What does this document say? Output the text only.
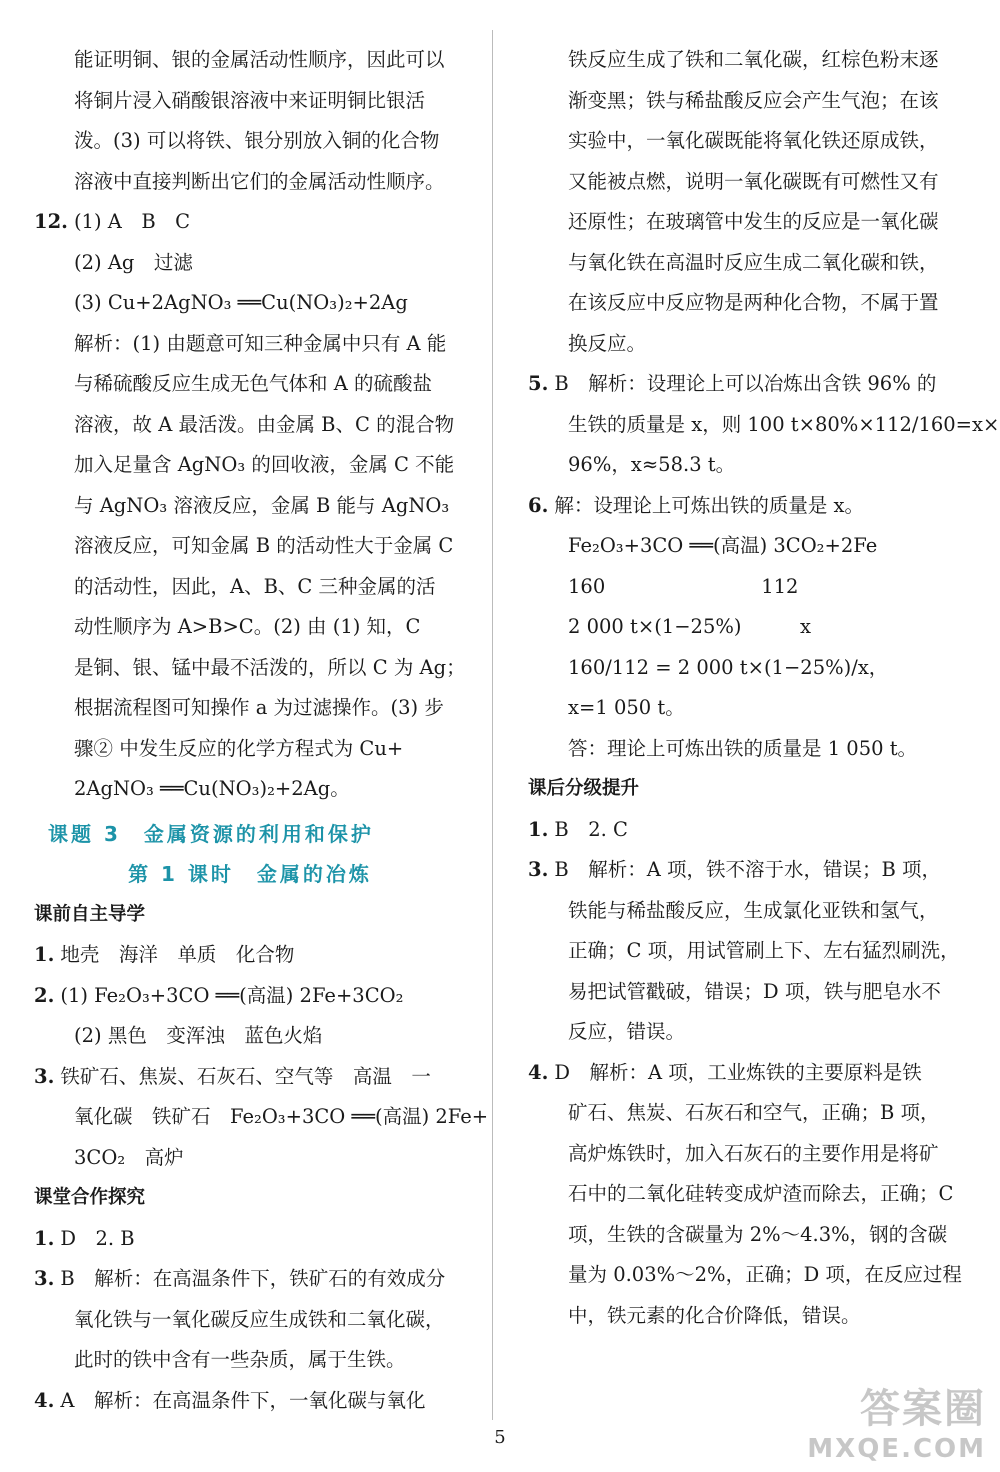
能证明铜、银的金属活动性顺序，因此可以
将铜片浸入硝酸银溶液中来证明铜比银活
泼。(3) 可以将铁、银分别放入铜的化合物
溶液中直接判断出它们的金属活动性顺序。
12. (1) A　B　C
(2) Ag　过滤
(3) Cu+2AgNO₃ ══Cu(NO₃)₂+2Ag
解析：(1) 由题意可知三种金属中只有 A 能
与稀硫酸反应生成无色气体和 A 的硫酸盐
溶液，故 A 最活泼。由金属 B、C 的混合物
加入足量含 AgNO₃ 的回收液，金属 C 不能
与 AgNO₃ 溶液反应，金属 B 能与 AgNO₃
溶液反应，可知金属 B 的活动性大于金属 C
的活动性，因此，A、B、C 三种金属的活
动性顺序为 A>B>C。(2) 由 (1) 知，C
是铜、银、锰中最不活泼的，所以 C 为 Ag；
根据流程图可知操作 a 为过滤操作。(3) 步
骤② 中发生反应的化学方程式为 Cu+
2AgNO₃ ══Cu(NO₃)₂+2Ag。
课题 3　金属资源的利用和保护
第 1 课时　金属的冶炼
课前自主导学
1. 地壳　海洋　单质　化合物
2. (1) Fe₂O₃+3CO ══(高温) 2Fe+3CO₂
(2) 黑色　变浑浊　蓝色火焰
3. 铁矿石、焦炭、石灰石、空气等　高温　一
氧化碳　铁矿石　Fe₂O₃+3CO ══(高温) 2Fe+
3CO₂　高炉
课堂合作探究
1. D　2. B
3. B　解析：在高温条件下，铁矿石的有效成分
氧化铁与一氧化碳反应生成铁和二氧化碳，
此时的铁中含有一些杂质，属于生铁。
4. A　解析：在高温条件下，一氧化碳与氧化
铁反应生成了铁和二氧化碳，红棕色粉末逐
渐变黑；铁与稀盐酸反应会产生气泡；在该
实验中，一氧化碳既能将氧化铁还原成铁，
又能被点燃，说明一氧化碳既有可燃性又有
还原性；在玻璃管中发生的反应是一氧化碳
与氧化铁在高温时反应生成二氧化碳和铁，
在该反应中反应物是两种化合物，不属于置
换反应。
5. B　解析：设理论上可以冶炼出含铁 96% 的
生铁的质量是 x，则 100 t×80%×112/160=x×
96%，x≈58.3 t。
6. 解：设理论上可炼出铁的质量是 x。
Fe₂O₃+3CO ══(高温) 3CO₂+2Fe
160　　　　　　　　112
2 000 t×(1−25%)　　　x
160/112 = 2 000 t×(1−25%)/x，
x=1 050 t。
答：理论上可炼出铁的质量是 1 050 t。
课后分级提升
1. B　2. C
3. B　解析：A 项，铁不溶于水，错误；B 项，
铁能与稀盐酸反应，生成氯化亚铁和氢气，
正确；C 项，用试管刷上下、左右猛烈刷洗，
易把试管戳破，错误；D 项，铁与肥皂水不
反应，错误。
4. D　解析：A 项，工业炼铁的主要原料是铁
矿石、焦炭、石灰石和空气，正确；B 项，
高炉炼铁时，加入石灰石的主要作用是将矿
石中的二氧化硅转变成炉渣而除去，正确；C
项，生铁的含碳量为 2%～4.3%，钢的含碳
量为 0.03%～2%，正确；D 项，在反应过程
中，铁元素的化合价降低，错误。
5
答案圈
MXQE.COM
